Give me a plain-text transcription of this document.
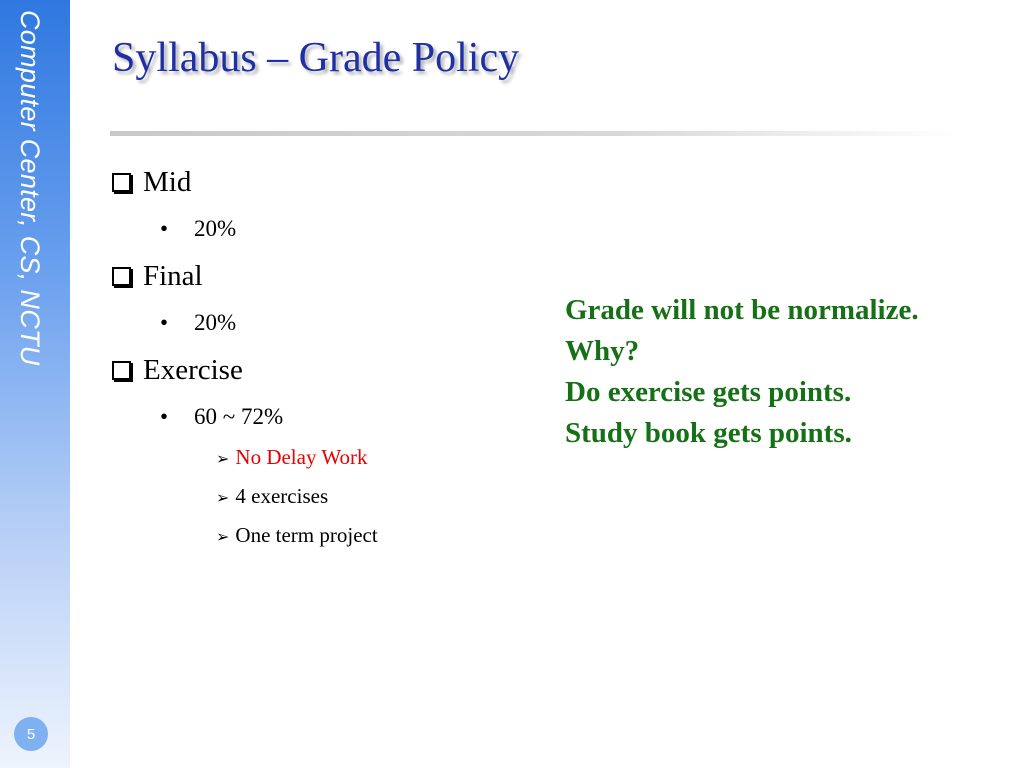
Computer Center, CS, NCTU
5
Syllabus – Grade Policy
Mid
• 20%
Final
• 20%
Exercise
• 60 ~ 72%
➢ No Delay Work
➢ 4 exercises
➢ One term project
Grade will not be normalize.
Why?
Do exercise gets points.
Study book gets points.
